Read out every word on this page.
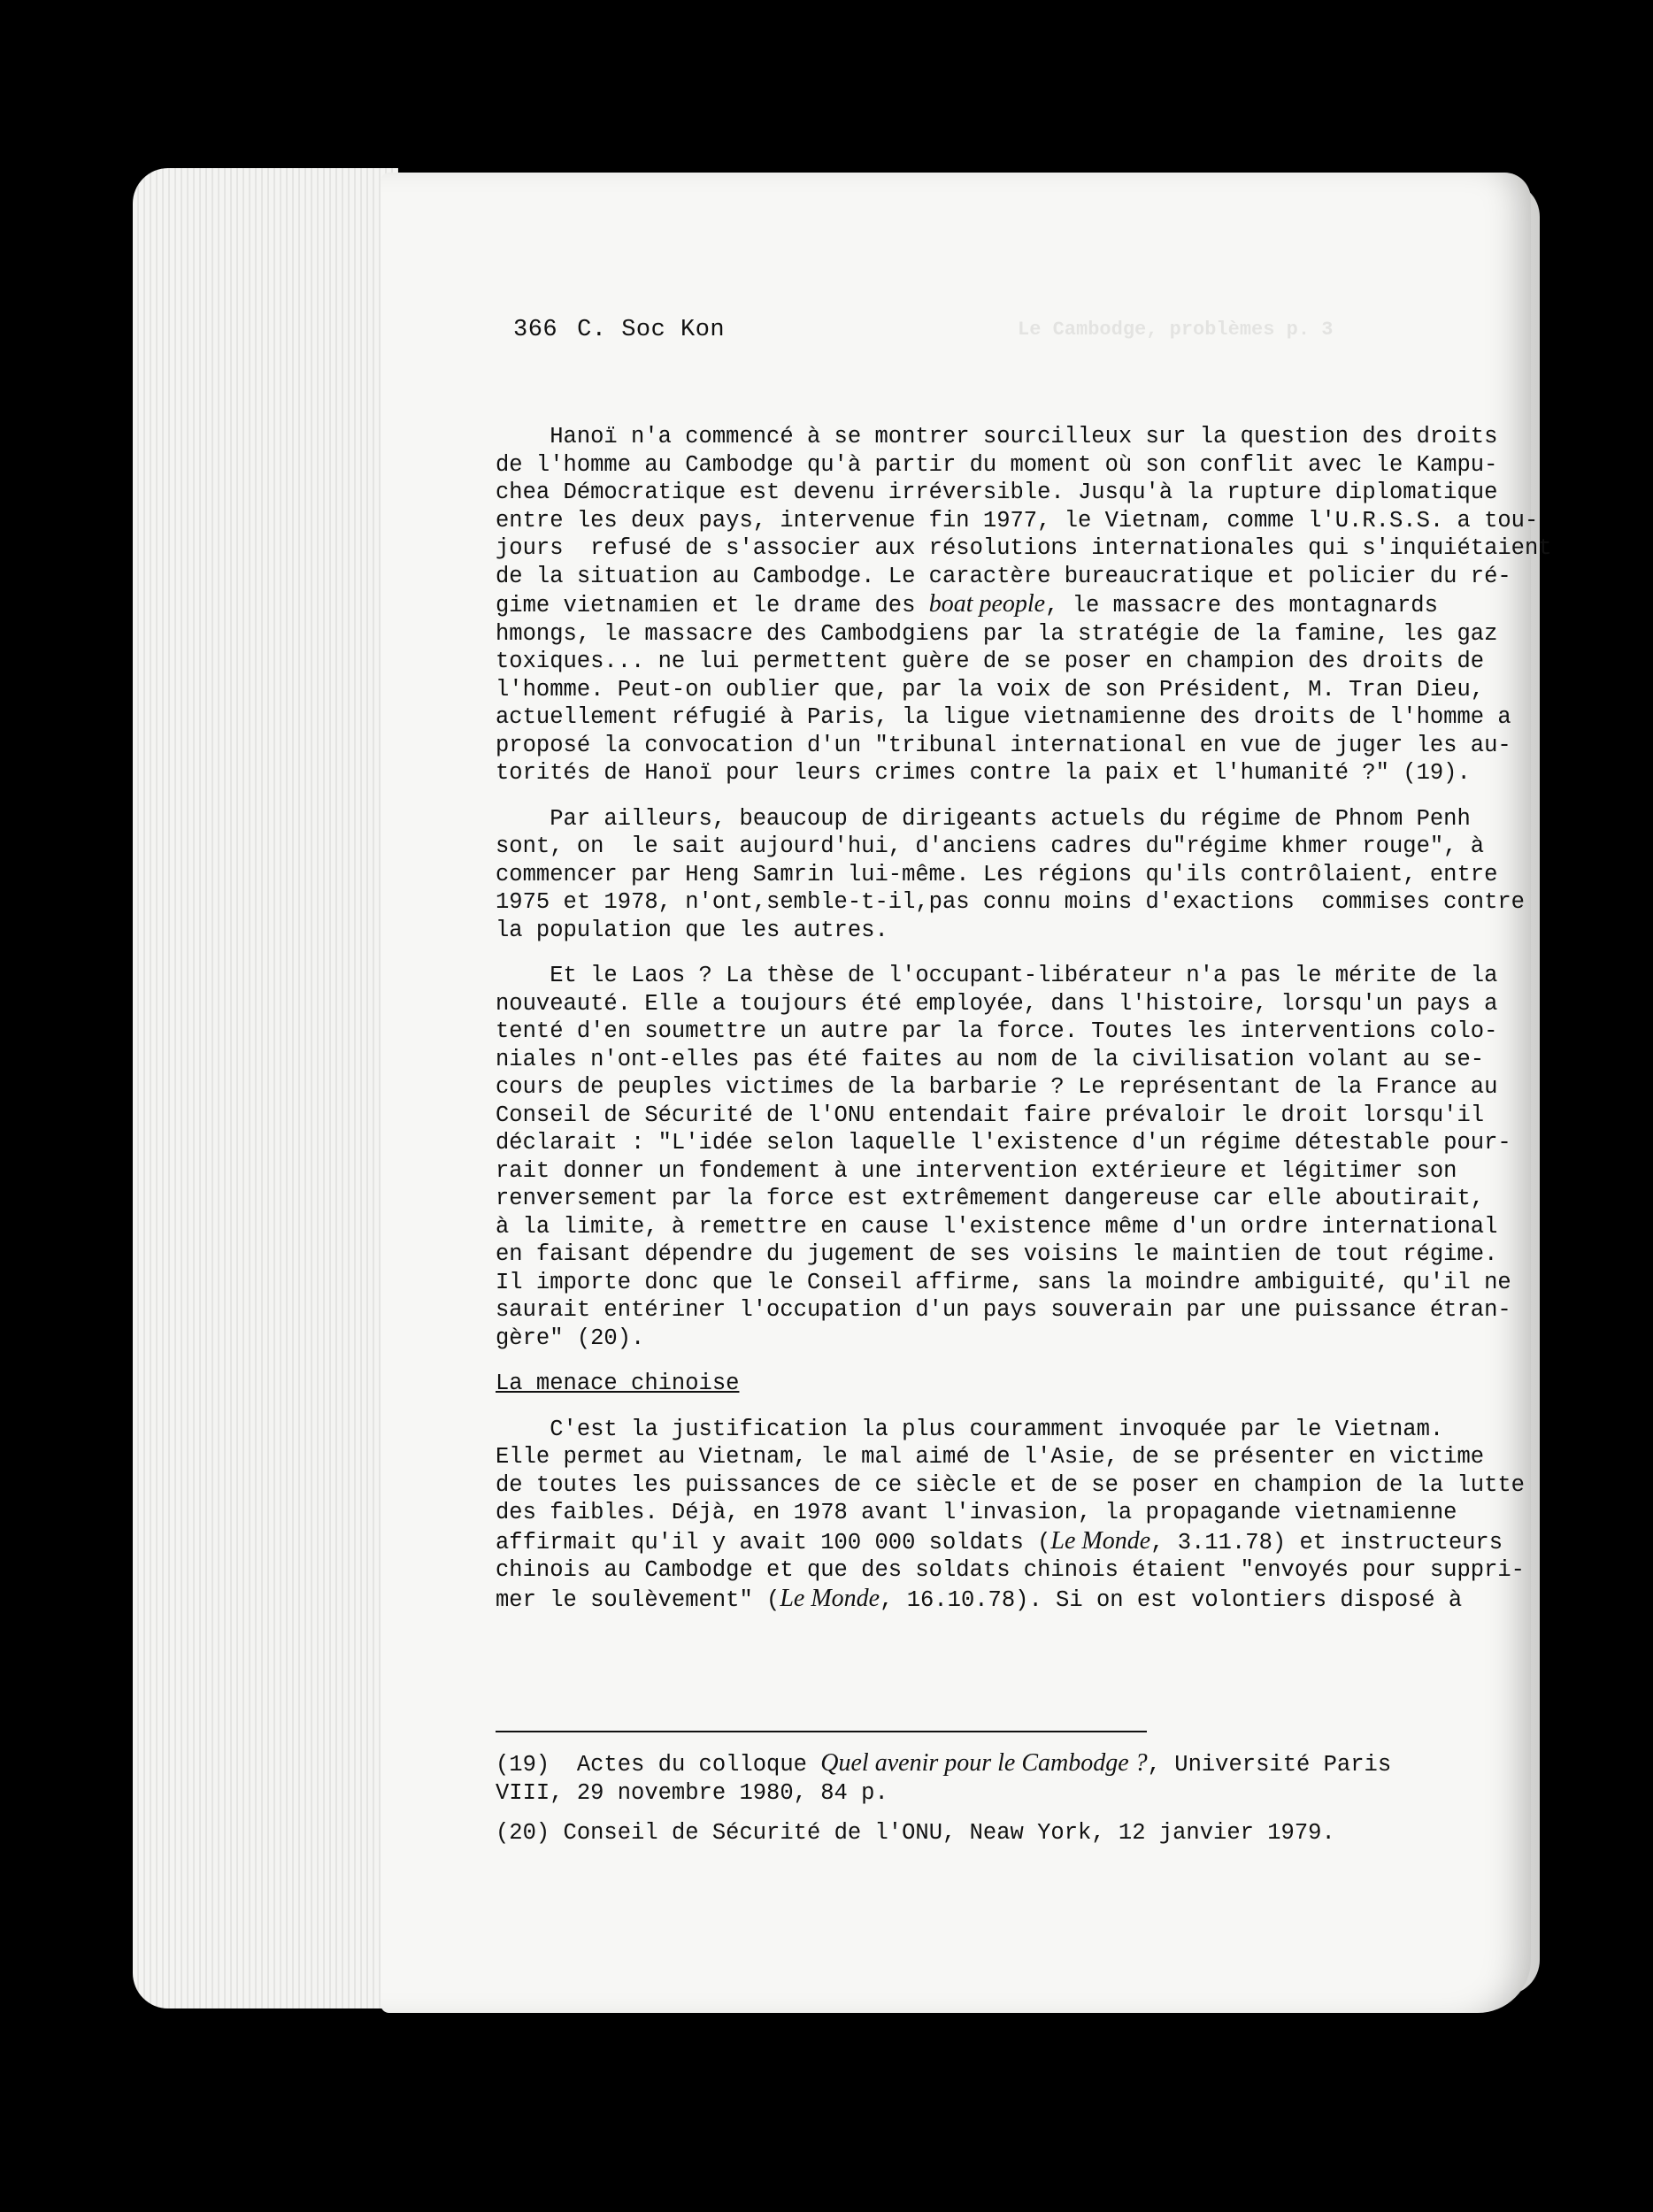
Le Cambodge, problèmes p. 3
366 C. Soc Kon
Hanoï n'a commencé à se montrer sourcilleux sur la question des droits
de l'homme au Cambodge qu'à partir du moment où son conflit avec le Kampu-
chea Démocratique est devenu irréversible. Jusqu'à la rupture diplomatique
entre les deux pays, intervenue fin 1977, le Vietnam, comme l'U.R.S.S. a tou-
jours  refusé de s'associer aux résolutions internationales qui s'inquiétaient
de la situation au Cambodge. Le caractère bureaucratique et policier du ré-
gime vietnamien et le drame des boat people, le massacre des montagnards
hmongs, le massacre des Cambodgiens par la stratégie de la famine, les gaz
toxiques... ne lui permettent guère de se poser en champion des droits de
l'homme. Peut-on oublier que, par la voix de son Président, M. Tran Dieu,
actuellement réfugié à Paris, la ligue vietnamienne des droits de l'homme a
proposé la convocation d'un "tribunal international en vue de juger les au-
torités de Hanoï pour leurs crimes contre la paix et l'humanité ?" (19).
Par ailleurs, beaucoup de dirigeants actuels du régime de Phnom Penh
sont, on  le sait aujourd'hui, d'anciens cadres du"régime khmer rouge", à
commencer par Heng Samrin lui-même. Les régions qu'ils contrôlaient, entre
1975 et 1978, n'ont,semble-t-il,pas connu moins d'exactions  commises contre
la population que les autres.
Et le Laos ? La thèse de l'occupant-libérateur n'a pas le mérite de la
nouveauté. Elle a toujours été employée, dans l'histoire, lorsqu'un pays a
tenté d'en soumettre un autre par la force. Toutes les interventions colo-
niales n'ont-elles pas été faites au nom de la civilisation volant au se-
cours de peuples victimes de la barbarie ? Le représentant de la France au
Conseil de Sécurité de l'ONU entendait faire prévaloir le droit lorsqu'il
déclarait : "L'idée selon laquelle l'existence d'un régime détestable pour-
rait donner un fondement à une intervention extérieure et légitimer son
renversement par la force est extrêmement dangereuse car elle aboutirait,
à la limite, à remettre en cause l'existence même d'un ordre international
en faisant dépendre du jugement de ses voisins le maintien de tout régime.
Il importe donc que le Conseil affirme, sans la moindre ambiguité, qu'il ne
saurait entériner l'occupation d'un pays souverain par une puissance étran-
gère" (20).
La menace chinoise
C'est la justification la plus couramment invoquée par le Vietnam.
Elle permet au Vietnam, le mal aimé de l'Asie, de se présenter en victime
de toutes les puissances de ce siècle et de se poser en champion de la lutte
des faibles. Déjà, en 1978 avant l'invasion, la propagande vietnamienne
affirmait qu'il y avait 100 000 soldats (Le Monde, 3.11.78) et instructeurs
chinois au Cambodge et que des soldats chinois étaient "envoyés pour suppri-
mer le soulèvement" (Le Monde, 16.10.78). Si on est volontiers disposé à
(19)  Actes du colloque Quel avenir pour le Cambodge ?, Université Paris
VIII, 29 novembre 1980, 84 p.
(20) Conseil de Sécurité de l'ONU, Neaw York, 12 janvier 1979.
